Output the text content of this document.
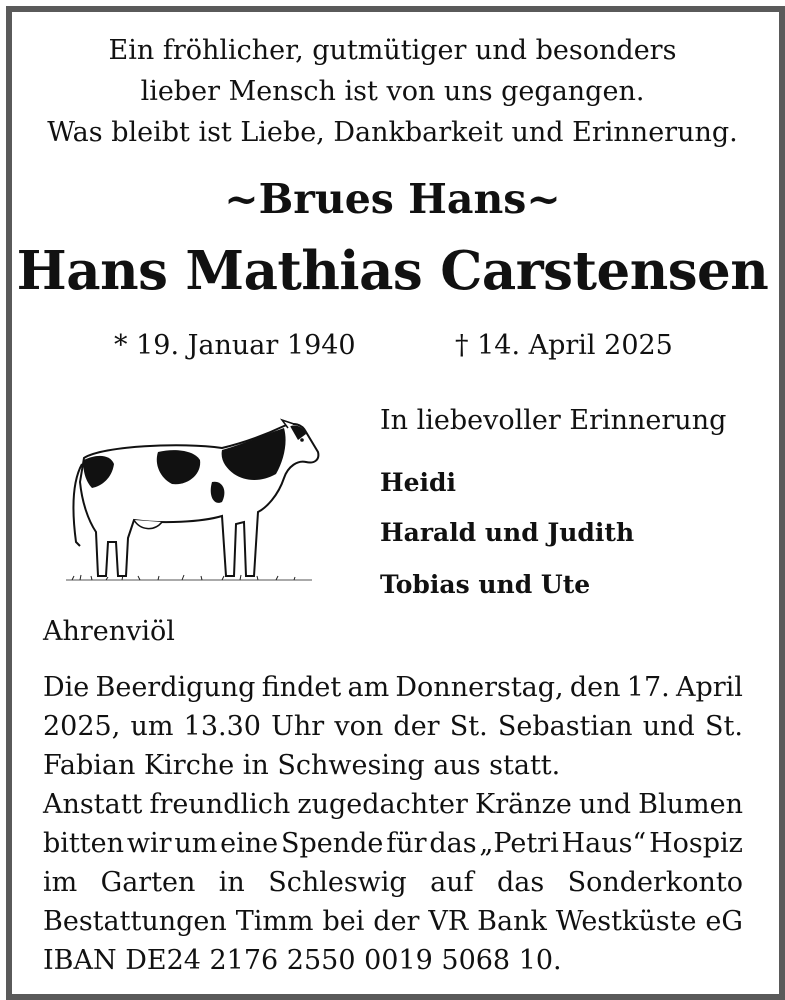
Ein fröhlicher, gutmütiger und besonders
lieber Mensch ist von uns gegangen.
Was bleibt ist Liebe, Dankbarkeit und Erinnerung.
~Brues Hans~
Hans Mathias Carstensen
* 19. Januar 1940	† 14. April 2025
In liebevoller Erinnerung
Heidi
Harald und Judith
Tobias und Ute
Ahrenviöl
Die Beerdigung findet am Donnerstag, den 17. April
2025, um 13.30 Uhr von der St. Sebastian und St.
Fabian Kirche in Schwesing aus statt.
Anstatt freundlich zugedachter Kränze und Blumen
bitten wir um eine Spende für das „Petri Haus“ Hospiz
im Garten in Schleswig auf das Sonderkonto
Bestattungen Timm bei der VR Bank Westküste eG
IBAN DE24 2176 2550 0019 5068 10.
